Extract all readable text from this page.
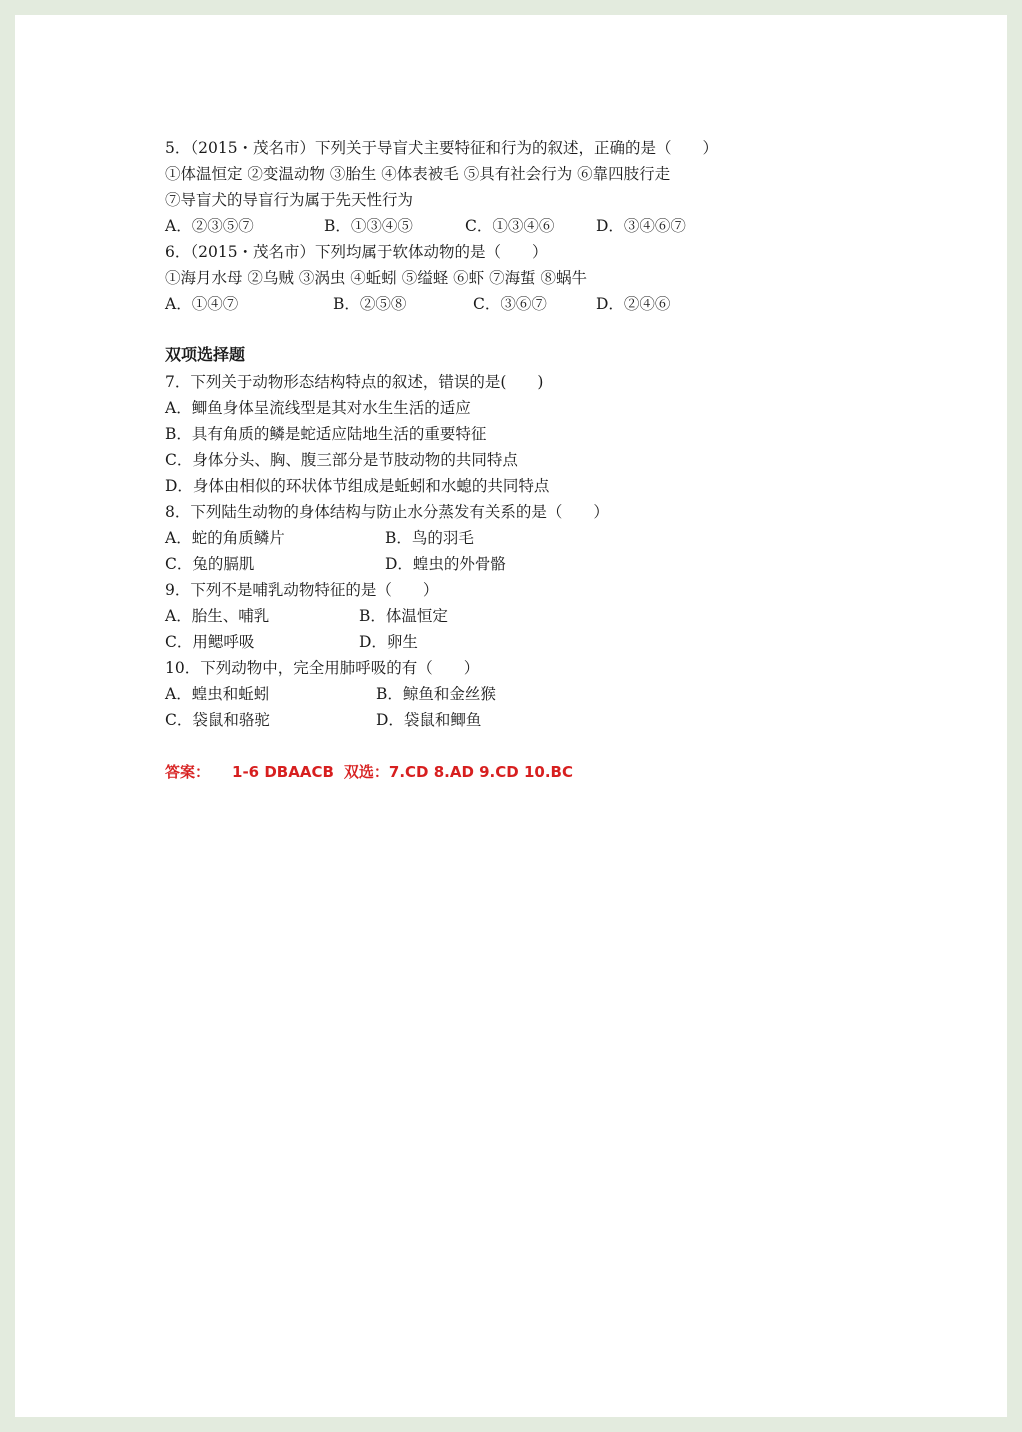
5．（2015・茂名市）下列关于导盲犬主要特征和行为的叙述，正确的是（　　）
①体温恒定 ②变温动物 ③胎生 ④体表被毛 ⑤具有社会行为 ⑥靠四肢行走
⑦导盲犬的导盲行为属于先天性行为
A．②③⑤⑦	B．①③④⑤	C．①③④⑥	D．③④⑥⑦
6．（2015・茂名市）下列均属于软体动物的是（　　）
①海月水母 ②乌贼 ③涡虫 ④蚯蚓 ⑤缢蛏 ⑥虾 ⑦海蜇 ⑧蜗牛
A．①④⑦	B．②⑤⑧	C．③⑥⑦	D．②④⑥
双项选择题
7．下列关于动物形态结构特点的叙述，错误的是(　　)
A．鲫鱼身体呈流线型是其对水生生活的适应
B．具有角质的鳞是蛇适应陆地生活的重要特征
C．身体分头、胸、腹三部分是节肢动物的共同特点
D．身体由相似的环状体节组成是蚯蚓和水螅的共同特点
8．下列陆生动物的身体结构与防止水分蒸发有关系的是（　　）
A．蛇的角质鳞片	B．鸟的羽毛
C．兔的膈肌	D．蝗虫的外骨骼
9．下列不是哺乳动物特征的是（　　）
A．胎生、哺乳	B．体温恒定
C．用鳃呼吸	D．卵生
10．下列动物中，完全用肺呼吸的有（　　）
A．蝗虫和蚯蚓	B．鲸鱼和金丝猴
C．袋鼠和骆驼	D．袋鼠和鲫鱼
答案： 1-6 DBAACB 双选：7.CD 8.AD 9.CD 10.BC
